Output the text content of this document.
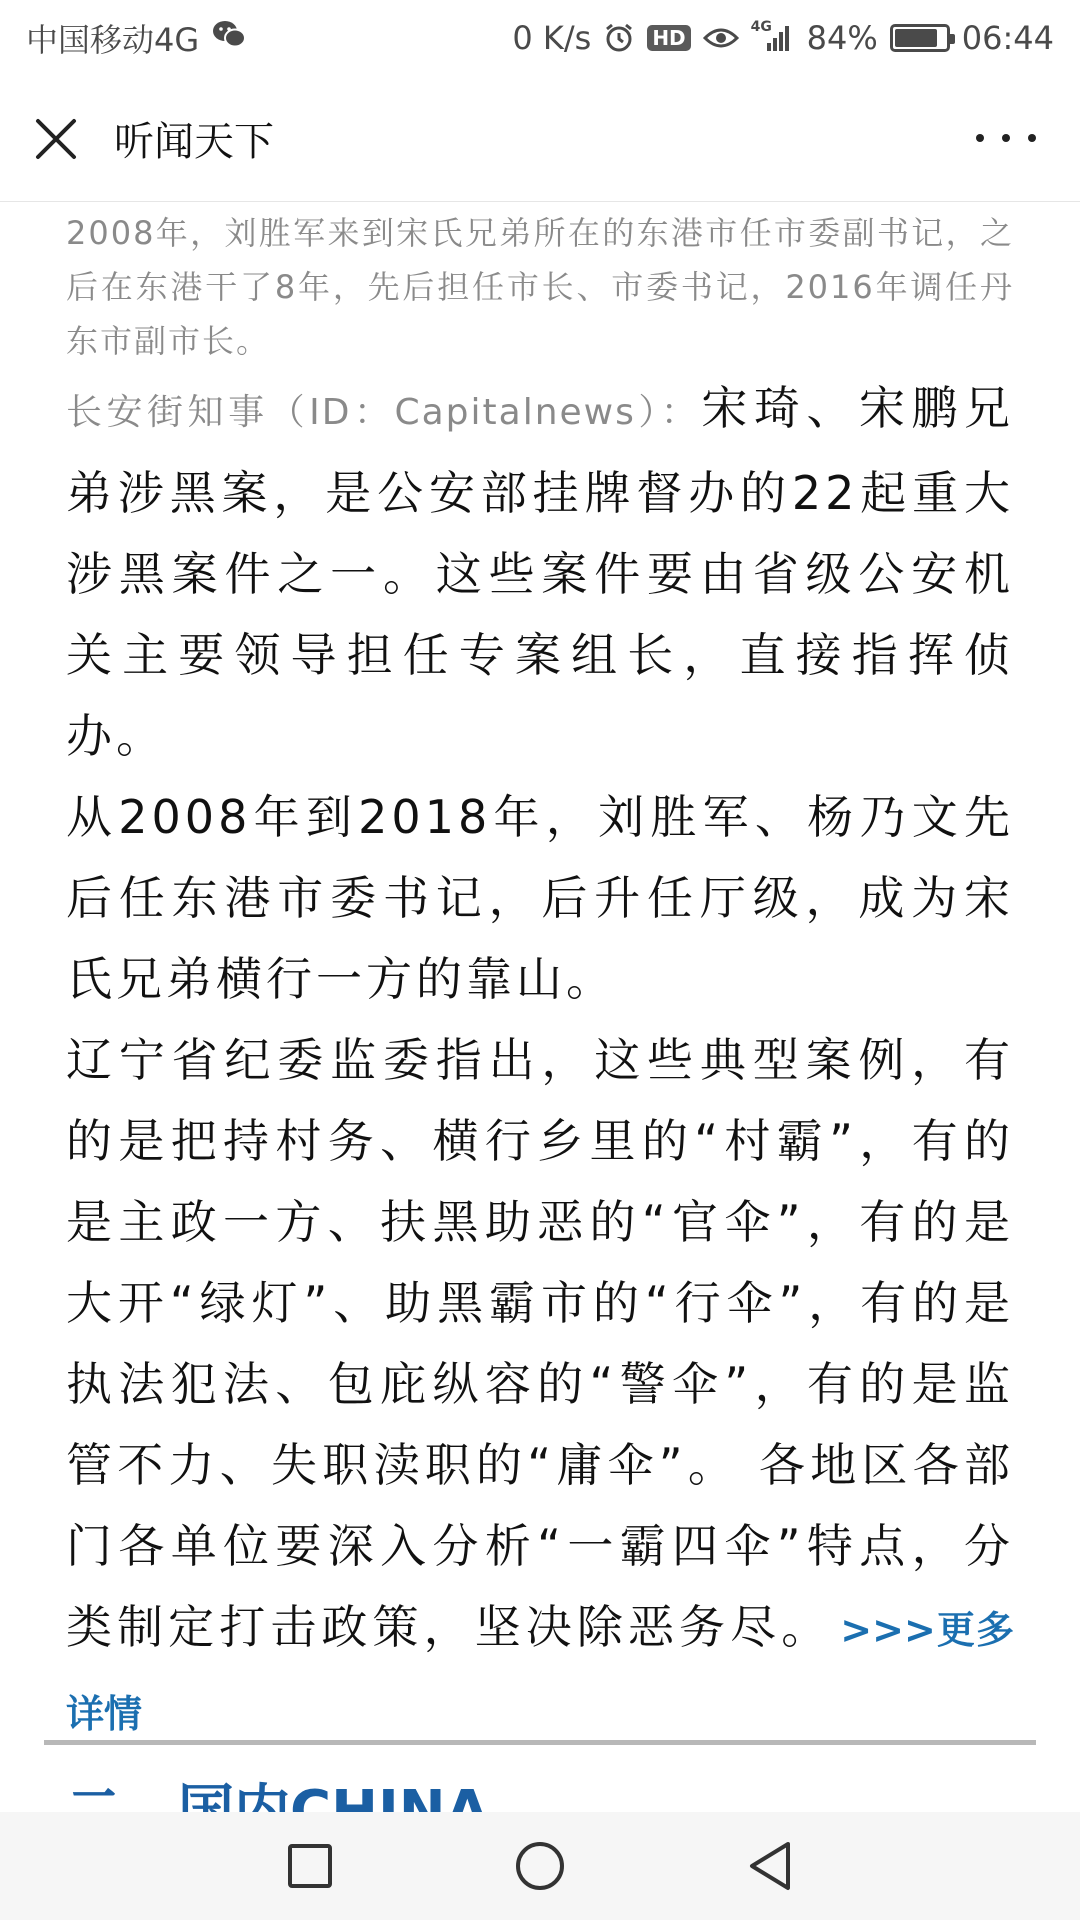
中国移动4G	0 K/s	HD	4G 84%	06:44
听闻天下

2008年，刘胜军来到宋氏兄弟所在的东港市任市委副书记，之后在东港干了8年，先后担任市长、市委书记，2016年调任丹东市副市长。

长安街知事（ID：Capitalnews）：宋琦、宋鹏兄弟涉黑案，是公安部挂牌督办的22起重大涉黑案件之一。这些案件要由省级公安机关主要领导担任专案组长，直接指挥侦办。

从2008年到2018年，刘胜军、杨乃文先后任东港市委书记，后升任厅级，成为宋氏兄弟横行一方的靠山。

辽宁省纪委监委指出，这些典型案例，有的是把持村务、横行乡里的“村霸”，有的是主政一方、扶黑助恶的“官伞”，有的是大开“绿灯”、助黑霸市的“行伞”，有的是执法犯法、包庇纵容的“警伞”，有的是监管不力、失职渎职的“庸伞”。 各地区各部门各单位要深入分析“一霸四伞”特点，分类制定打击政策，坚决除恶务尽。 >>>更多详情
